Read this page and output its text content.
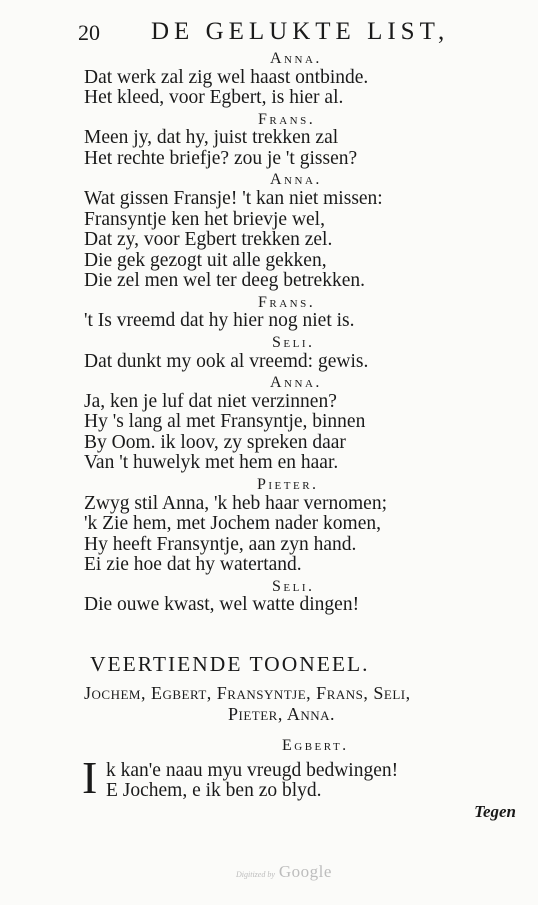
20 DE GELUKTE LIST,
Anna.
Dat werk zal zig wel haast ontbinde.
Het kleed, voor Egbert, is hier al.
Frans.
Meen jy, dat hy, juist trekken zal
Het rechte briefje? zou je 't gissen?
Anna.
Wat gissen Fransje! 't kan niet missen:
Fransyntje ken het brievje wel,
Dat zy, voor Egbert trekken zel.
Die gek gezogt uit alle gekken,
Die zel men wel ter deeg betrekken.
Frans.
't Is vreemd dat hy hier nog niet is.
Seli.
Dat dunkt my ook al vreemd: gewis.
Anna.
Ja, ken je luf dat niet verzinnen?
Hy 's lang al met Fransyntje, binnen
By Oom. ik loov, zy spreken daar
Van 't huwelyk met hem en haar.
Pieter.
Zwyg stil Anna, 'k heb haar vernomen;
'k Zie hem, met Jochem nader komen,
Hy heeft Fransyntje, aan zyn hand.
Ei zie hoe dat hy watertand.
Seli.
Die ouwe kwast, wel watte dingen!
VEERTIENDE TOONEEL.
Jochem, Egbert, Fransyntje, Frans, Seli,
Pieter, Anna.
Egbert.
I k kan'e naau myu vreugd bedwingen!
E Jochem, e ik ben zo blyd.
Tegen
Digitized by Google
